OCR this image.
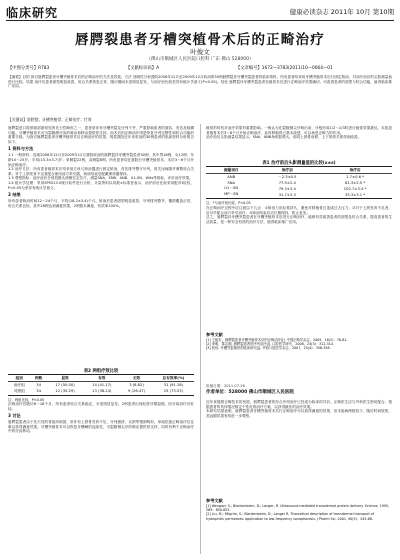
临床研究	健康必读杂志 2011年 10月 第10期
唇腭裂患者牙槽突植骨术后的正畸治疗
叶俊文
（佛山市顺城区人民医院口腔科 广东 佛山 528000）
【中图分类号】R783	【文献标识码】A	【文章编号】1672—3783(2011)10—0064—01

【摘要】目的 探讨唇腭裂患者牙槽突植骨术后的正畸治疗的方法及效果。方法 回顾性分析我院2006年12月至2009年12月收治的30例唇腭裂伴牙槽突裂患者的临床资料，所有患者均采用牙槽突植骨术后行固定矫治，对治疗前后的头影测量值进行比较。结果 治疗后患者面型明显改善，咬合关系恢复正常，随访期间未见明显复发，与治疗前比较差异有统计学意义(P<0.05)。结论 唇腭裂伴牙槽突裂患者在植骨术后进行正畸治疗效果确切，可改善患者的面型与咬合功能，值得临床推广应用。

【关键词】唇腭裂；牙槽突植骨；正畸治疗；疗效

唇腭裂是口腔颌面部最常见的先天性畸形之一，患者常伴有牙槽突裂及牙列不齐，严重影响患者的面容、发音及咀嚼功能。牙槽突植骨术可为裂隙侧牙齿的萌出和移动提供骨支持，而术后的正畸治疗则是恢复牙列完整性和咬合功能的重要手段。为探讨唇腭裂患者牙槽突植骨术后正畸治疗的效果，现将我院近年来收治的30例患者的临床资料分析报告如下。

1 资料与方法

1.1 一般资料：选取2006年12月至2009年12月我院收治的唇腭裂伴牙槽突裂患者30例，其中男18例，女12例；年龄10～25岁，平均(15.3±3.7)岁；单侧裂22例，双侧裂8例。所有患者均在我院行牙槽突植骨术，术后3～6个月开始正畸治疗。

1.2 治疗方法：所有患者植骨术后均采用方丝弓矫治器进行固定矫治，首先排齐整平牙列，再关闭间隙并调整咬合关系；对于上颌发育不足者配合使用前方牵引器，矫治结束后配戴保持器保持。

1.3 观察指标：治疗前后分别拍摄头颅侧位定位片，测量SNA、SNB、ANB、U1-SN、Wits等指标，评价治疗效果。

1.4 统计学处理：采用SPSS13.0统计软件进行分析，计量资料以均数±标准差表示，治疗前后比较采用配对t检验，P<0.05为差异有统计学意义。

2 结果

所有患者矫治时间12～24个月，平均(18.2±3.4)个月。矫治后患者面型明显改善，牙列排列整齐，覆颌覆盖正常，咬合关系良好。其中28例达到满意效果，2例基本满意，有效率100%。

表2 两组疗效比较
组别	例数	显效	有效	无效	总有效率(%)
治疗组	34	17 (50.00)	14 (41.17)	3 (8.82)	31 (91.18)
对照组	34	12 (35.29)	13 (38.24)	9 (26.47)	25 (73.53)
注：两组比较，P<0.05

正畸治疗后随访6～18个月，所有患者咬合关系稳定，未见明显复发。2例患者出现轻度牙龈退缩，经牙周治疗后好转。

3 讨论

唇腭裂患者由于先天性的骨组织缺损，常伴有上颌骨发育不足、牙列拥挤、反颌等错颌畸形，单纯依靠正畸治疗往往难以获得满意效果。牙槽突植骨术可以恢复牙槽嵴的连续性，为裂隙侧尖牙的萌出提供骨支持，同时有利于正畸治疗中的牙齿移动。

植骨的时机对治疗效果有重要影响。一般认为在裂隙侧尖牙萌出前、牙根形成1/2～2/3时进行植骨效果最佳。本组患者植骨术后3～6个月开始正畸治疗，此时移植骨已基本改建，可以承受正畸力的作用。

治疗前后头影测量结果显示，SNA、ANB角明显增大，说明上颌骨前移，上下颌骨关系得到改善。

表1 治疗前后头影测量值的比较(x±s)
测量项目	治疗前	治疗后
ANB	－2.3±0.5	1.7±0.6 *
SNA	77.5±2.4	81.3±2.5 *
U1－SN	79.3±3.4	102.7±3.4 *
MP－SN	31.7±3.3	35.3±3.1 *
注：*与治疗前比较，P<0.05

在正畸治疗过程中应注意以下几点：①矫治力应轻柔持久，避免对移植骨区造成过大压力；②对于上颌发育不足者，应尽早配合前方牵引治疗；③矫治结束后应长期保持，防止复发。

总之，唇腭裂伴牙槽突裂患者在牙槽突植骨术后进行正畸治疗，能够有效改善患者的面型及咬合关系，提高患者的生活质量，是一种安全有效的治疗方法，值得临床推广应用。

参考文献

[1] 王振东，唇腭裂患者牙槽突植骨术后的正畸治疗[J]. 中国正畸学杂志，2009，16(2)：78-81.

[2] 李明，陈志刚. 唇腭裂患者的序列治疗[J]. 口腔医学研究，2008，24(3)：312-314.

[3] 张伟. 牙槽突裂植骨的临床研究[J]. 华西口腔医学杂志，2007，25(4)：356-358.

收稿日期：2011-07-26
作者单位：528000 佛山市顺城区人民医院

近年来随着正畸技术的发展，唇腭裂患者的综合序列治疗已经成为临床的共识。正畸医生应与外科医生密切配合，根据患者的具体情况制定个性化的治疗方案，以获得最佳的治疗效果。

本研究结果表明，唇腭裂患者牙槽突植骨术后行正畸治疗可以取得满意的效果，但本组病例数较少，随访时间较短，其远期效果有待进一步观察。

参考文献

[1] Wengazi, S.; Blankenbeim, D.; Langer, R. Ultrasound-mediated transdermal protein delivery. Science, 1995, 269：850-853.

[2] Liu, M.; Milgrim, S.; Blankenbeim, D.; Langer R. Theoretical description of transdermal transport of hydrophilic permeants: application to low-frequency sonophoresis. J Pharm Sci, 2001, 90(5)：545-68.
